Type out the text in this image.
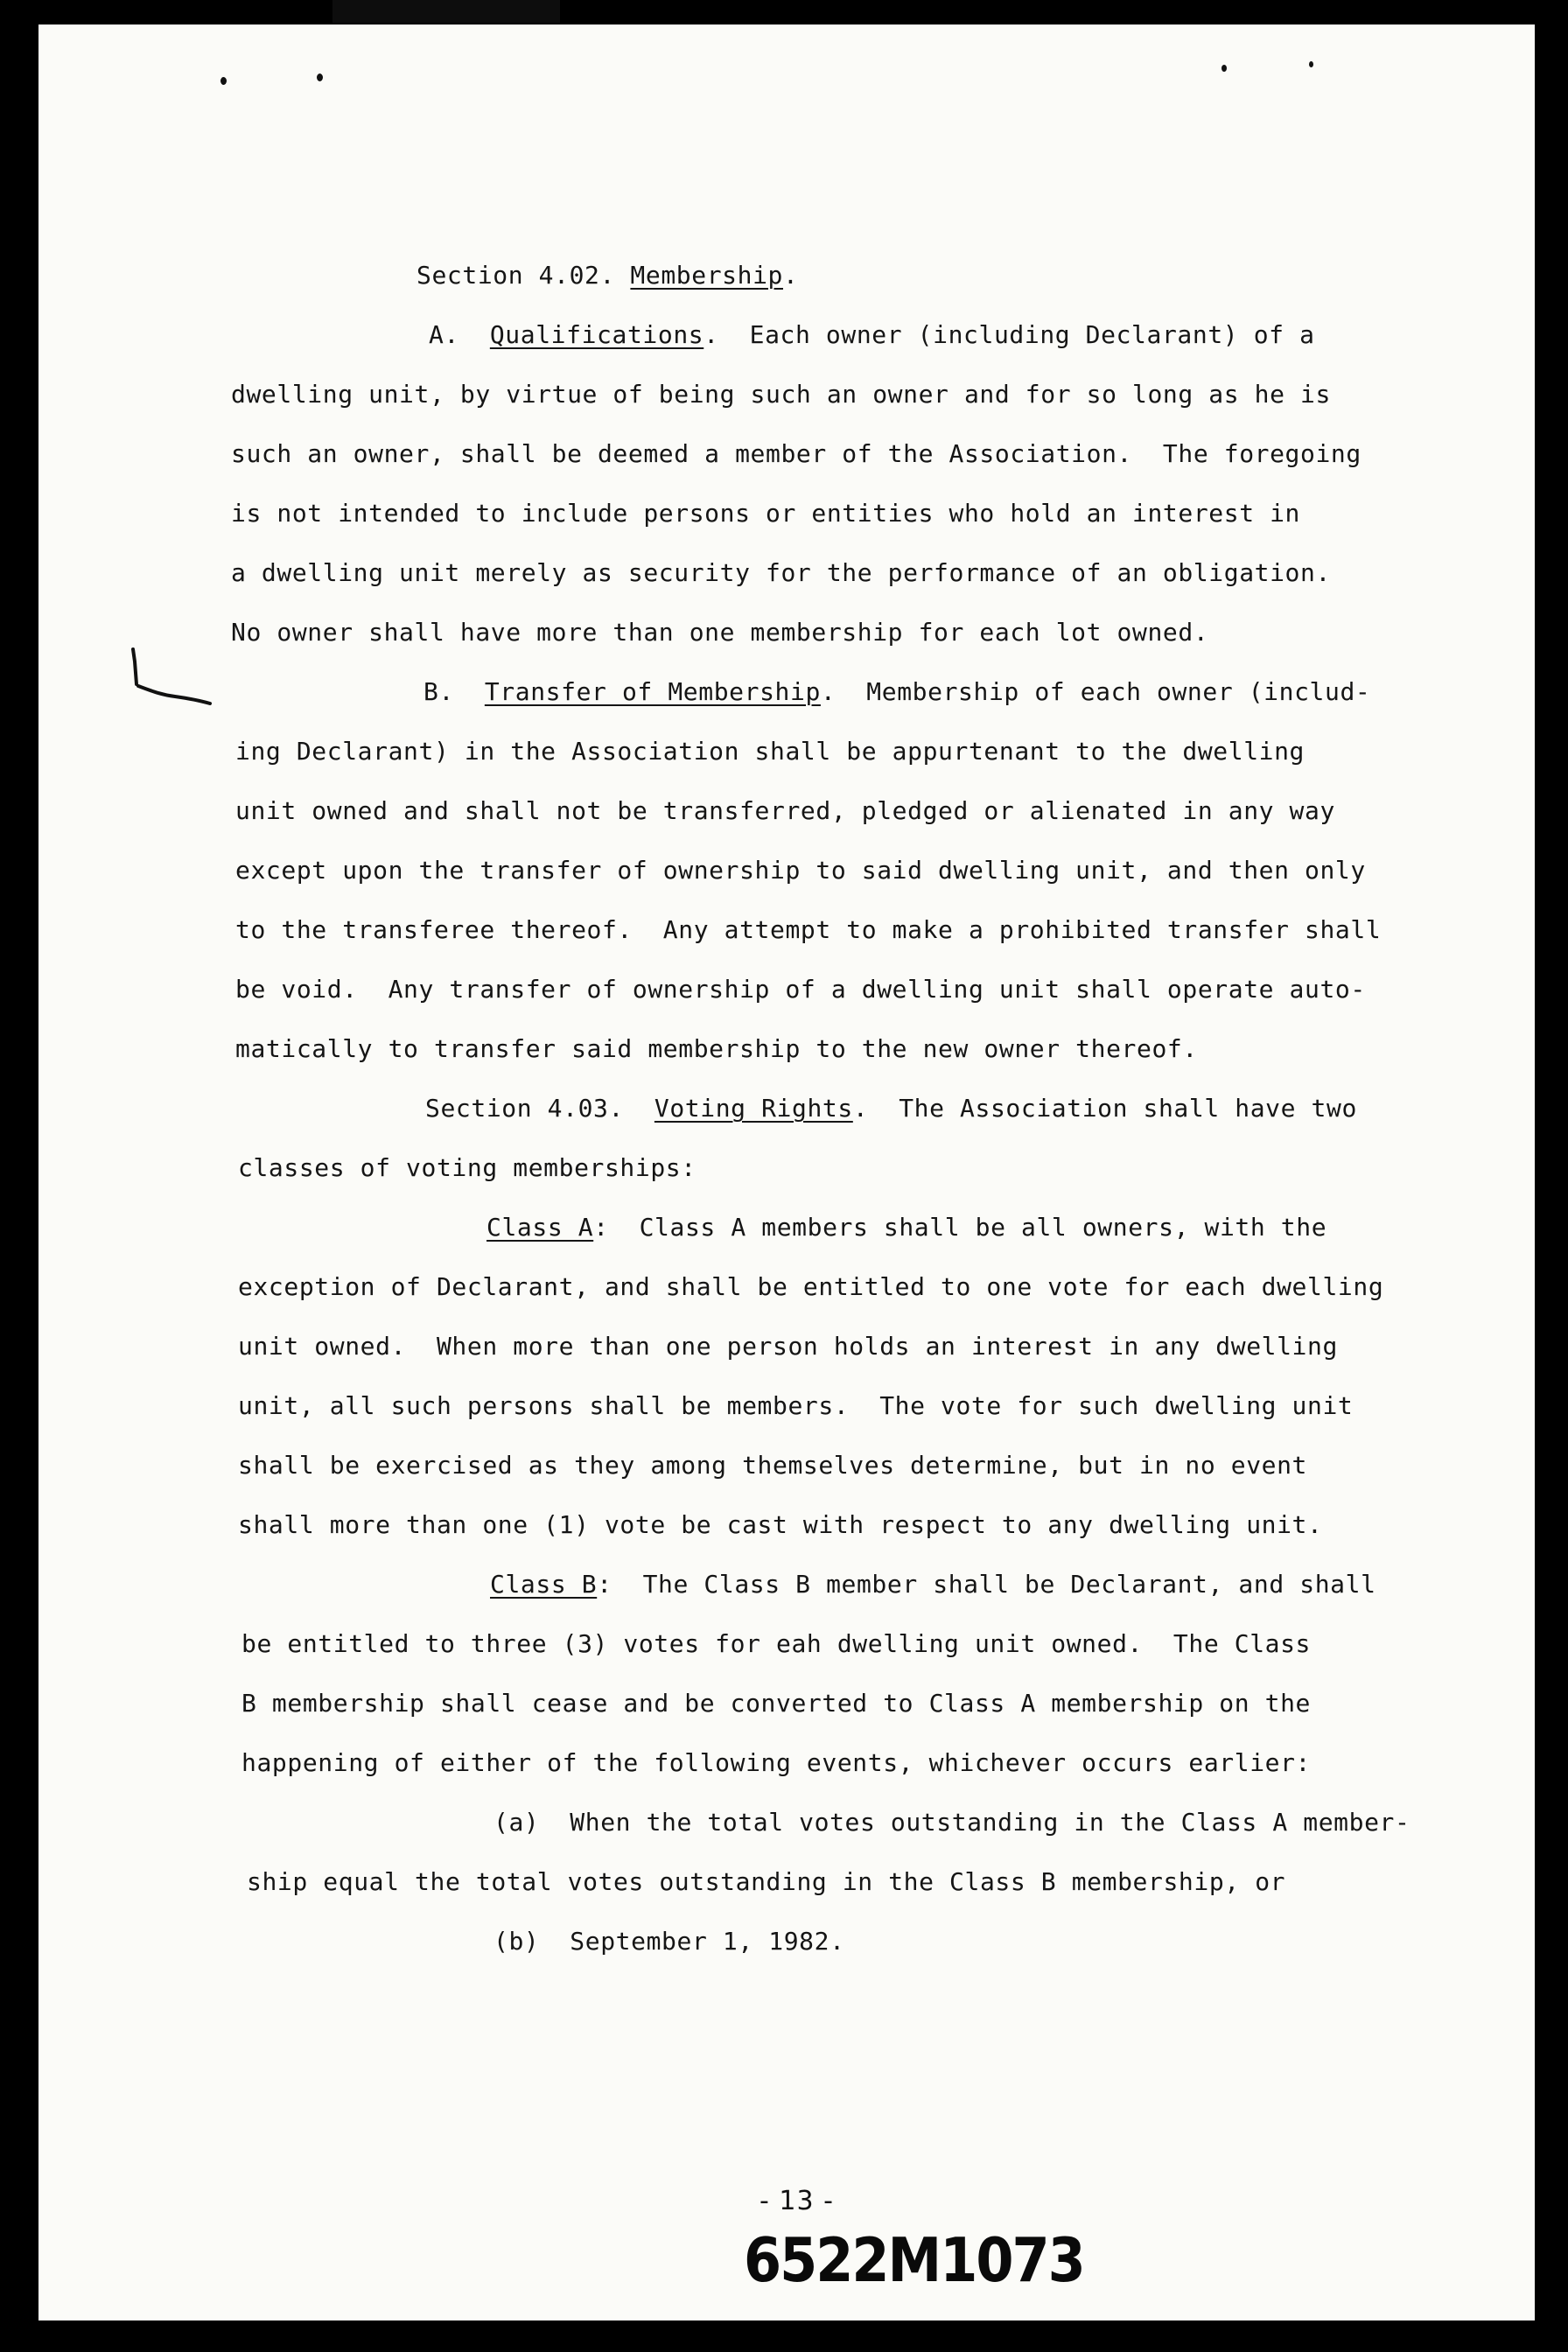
Section 4.02. Membership.
A.  Qualifications.  Each owner (including Declarant) of a
dwelling unit, by virtue of being such an owner and for so long as he is
such an owner, shall be deemed a member of the Association.  The foregoing
is not intended to include persons or entities who hold an interest in
a dwelling unit merely as security for the performance of an obligation.
No owner shall have more than one membership for each lot owned.
B.  Transfer of Membership.  Membership of each owner (includ-
ing Declarant) in the Association shall be appurtenant to the dwelling
unit owned and shall not be transferred, pledged or alienated in any way
except upon the transfer of ownership to said dwelling unit, and then only
to the transferee thereof.  Any attempt to make a prohibited transfer shall
be void.  Any transfer of ownership of a dwelling unit shall operate auto-
matically to transfer said membership to the new owner thereof.
Section 4.03.  Voting Rights.  The Association shall have two
classes of voting memberships:
Class A:  Class A members shall be all owners, with the
exception of Declarant, and shall be entitled to one vote for each dwelling
unit owned.  When more than one person holds an interest in any dwelling
unit, all such persons shall be members.  The vote for such dwelling unit
shall be exercised as they among themselves determine, but in no event
shall more than one (1) vote be cast with respect to any dwelling unit.
Class B:  The Class B member shall be Declarant, and shall
be entitled to three (3) votes for eah dwelling unit owned.  The Class
B membership shall cease and be converted to Class A membership on the
happening of either of the following events, whichever occurs earlier:
(a)  When the total votes outstanding in the Class A member-
ship equal the total votes outstanding in the Class B membership, or
(b)  September 1, 1982.
- 13 -
6522M1073
